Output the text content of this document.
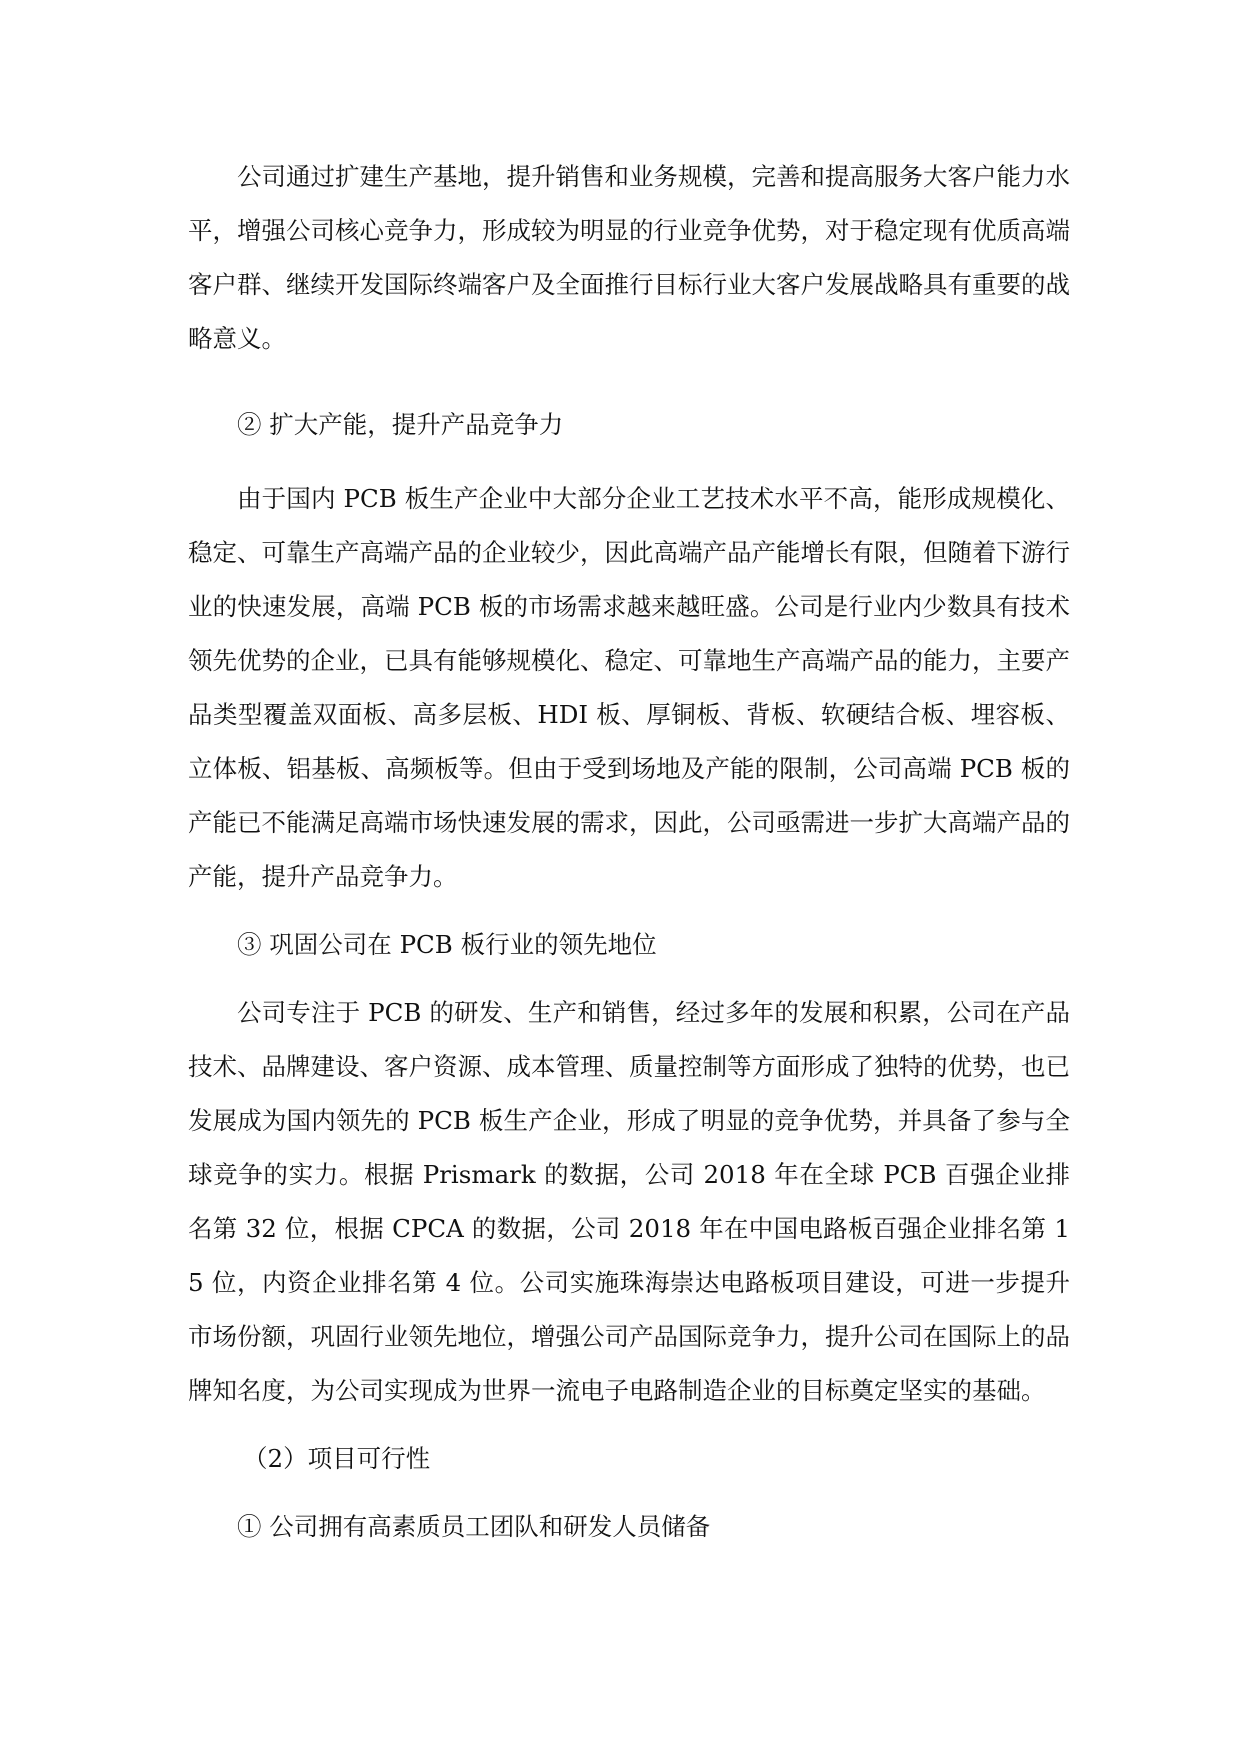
公司通过扩建生产基地，提升销售和业务规模，完善和提高服务大客户能力水平，增强公司核心竞争力，形成较为明显的行业竞争优势，对于稳定现有优质高端客户群、继续开发国际终端客户及全面推行目标行业大客户发展战略具有重要的战略意义。

② 扩大产能，提升产品竞争力

由于国内 PCB 板生产企业中大部分企业工艺技术水平不高，能形成规模化、稳定、可靠生产高端产品的企业较少，因此高端产品产能增长有限，但随着下游行业的快速发展，高端 PCB 板的市场需求越来越旺盛。公司是行业内少数具有技术领先优势的企业，已具有能够规模化、稳定、可靠地生产高端产品的能力，主要产品类型覆盖双面板、高多层板、HDI 板、厚铜板、背板、软硬结合板、埋容板、立体板、铝基板、高频板等。但由于受到场地及产能的限制，公司高端 PCB 板的产能已不能满足高端市场快速发展的需求，因此，公司亟需进一步扩大高端产品的产能，提升产品竞争力。

③ 巩固公司在 PCB 板行业的领先地位

公司专注于 PCB 的研发、生产和销售，经过多年的发展和积累，公司在产品技术、品牌建设、客户资源、成本管理、质量控制等方面形成了独特的优势，也已发展成为国内领先的 PCB 板生产企业，形成了明显的竞争优势，并具备了参与全球竞争的实力。根据 Prismark 的数据，公司 2018 年在全球 PCB 百强企业排名第 32 位，根据 CPCA 的数据，公司 2018 年在中国电路板百强企业排名第 15 位，内资企业排名第 4 位。公司实施珠海崇达电路板项目建设，可进一步提升市场份额，巩固行业领先地位，增强公司产品国际竞争力，提升公司在国际上的品牌知名度，为公司实现成为世界一流电子电路制造企业的目标奠定坚实的基础。

（2）项目可行性

① 公司拥有高素质员工团队和研发人员储备
